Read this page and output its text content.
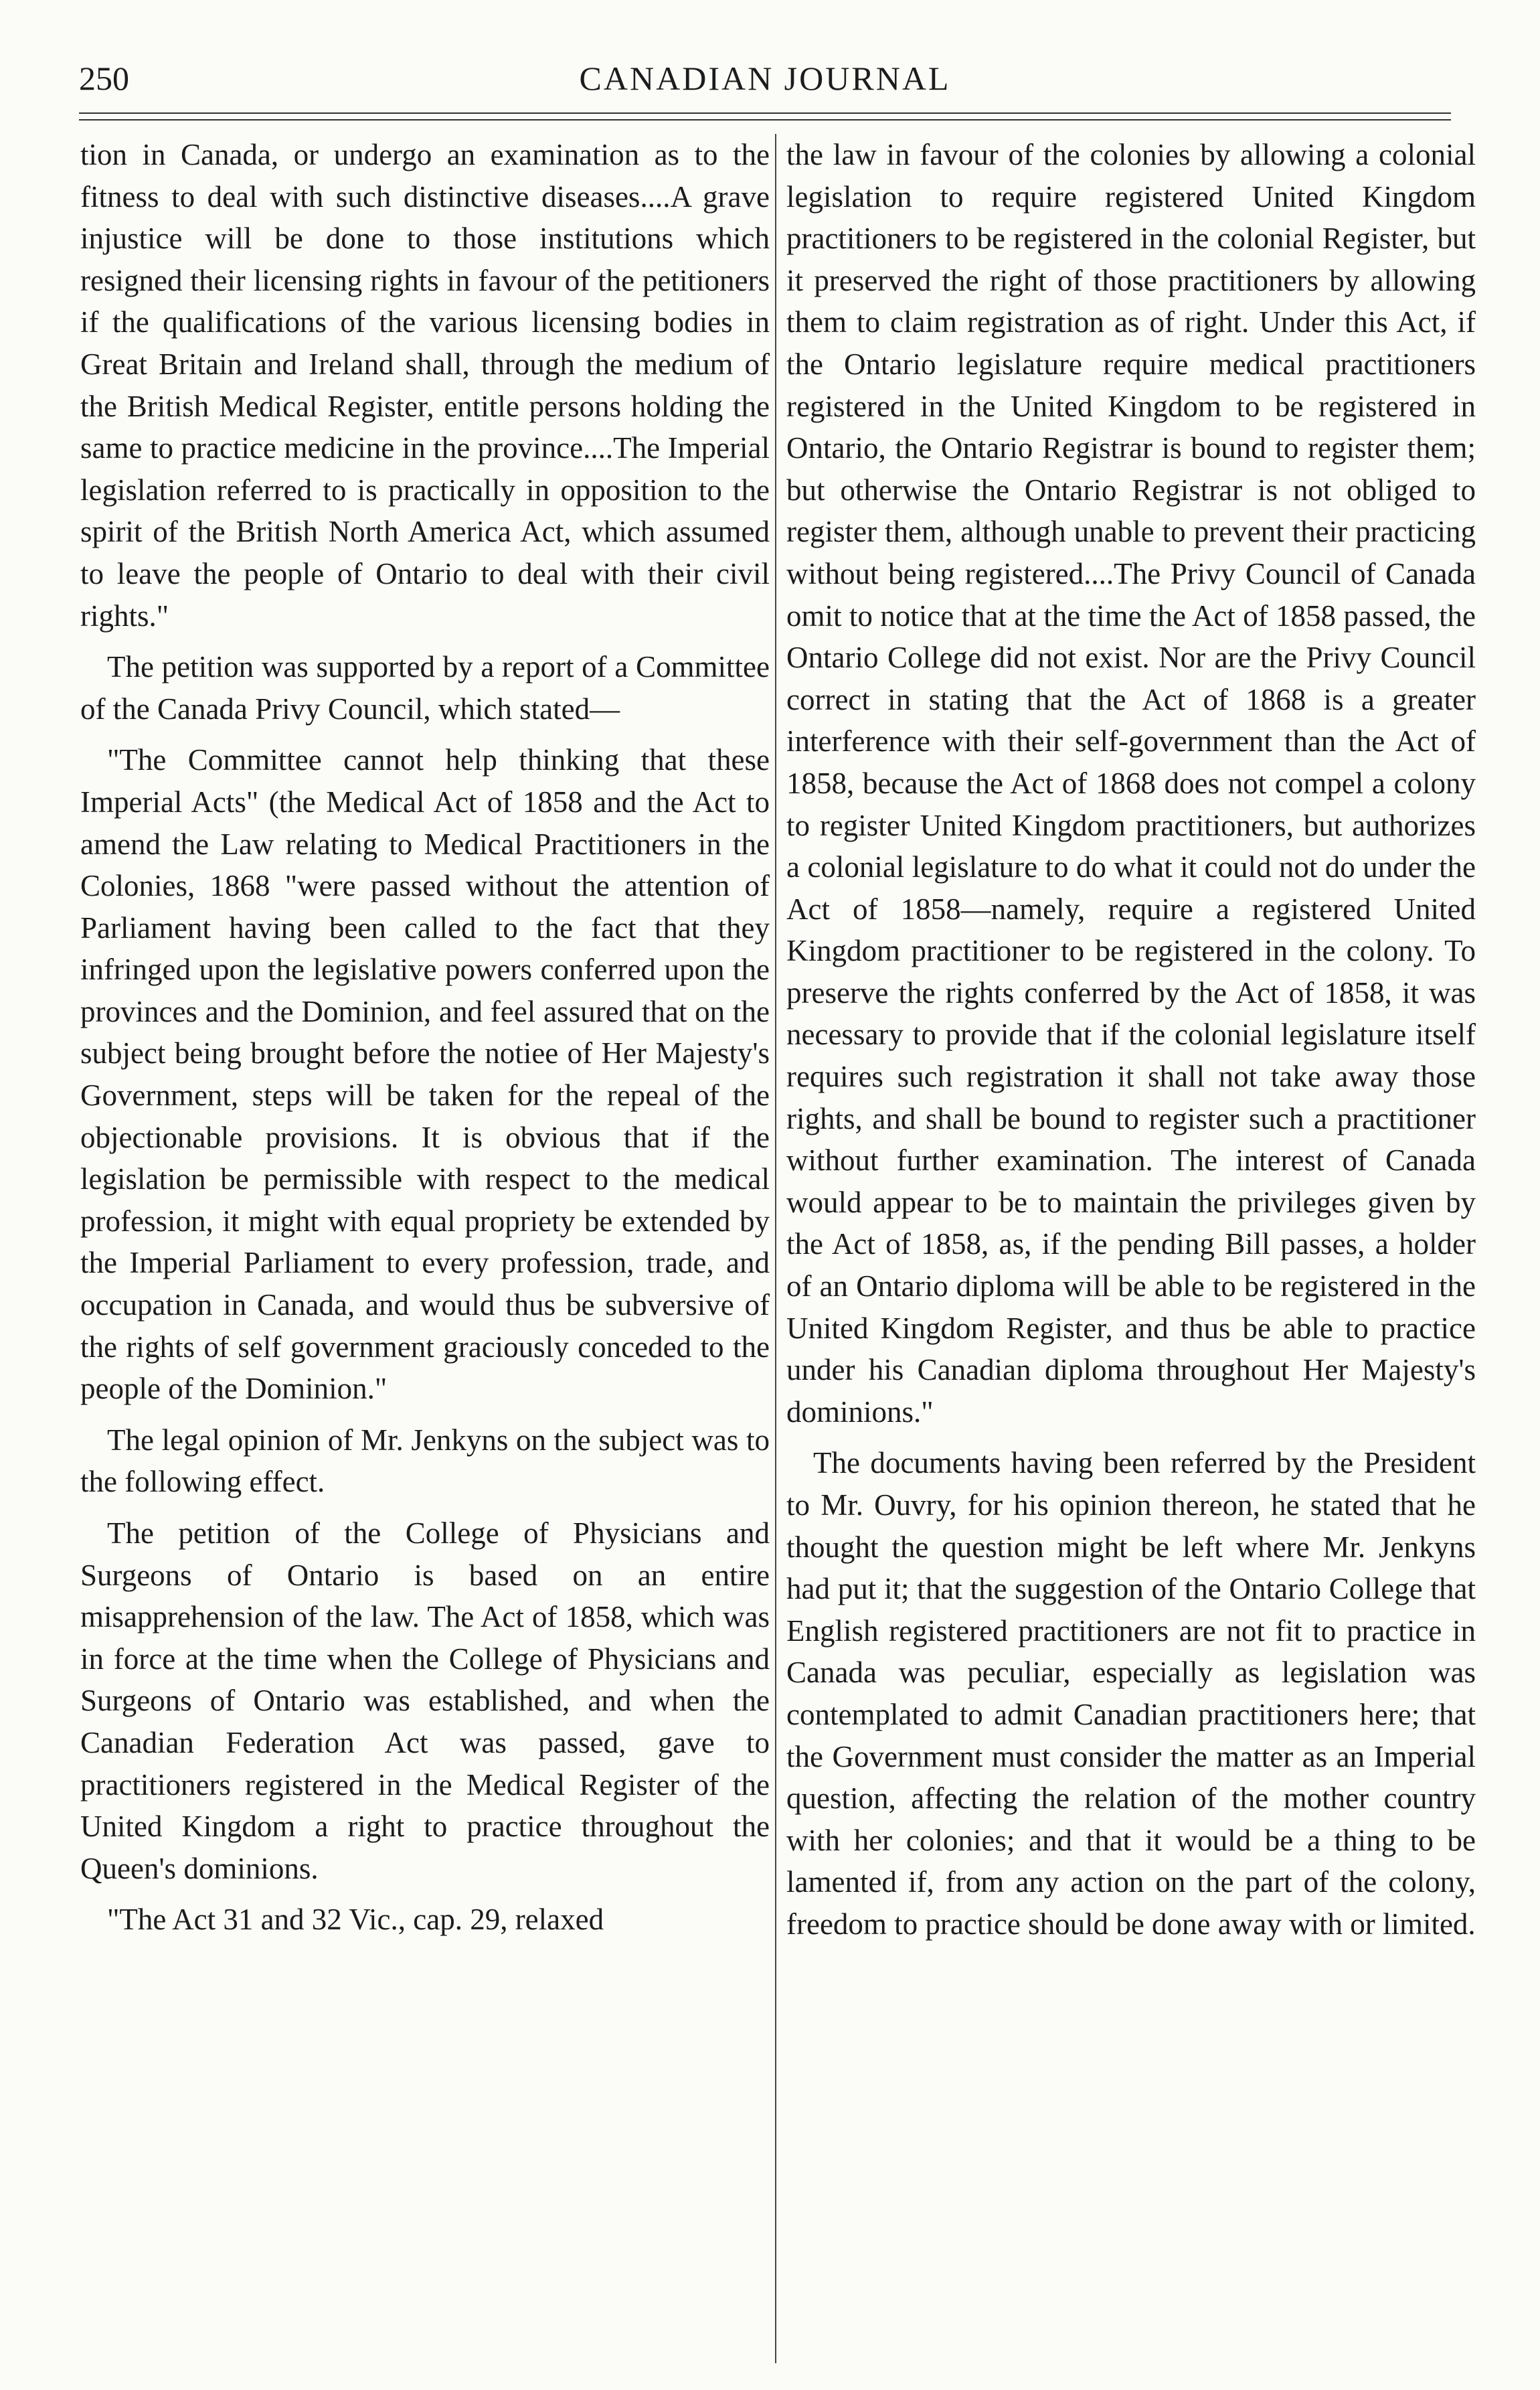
250	CANADIAN JOURNAL

tion in Canada, or undergo an examination as to the fitness to deal with such distinctive diseases....A grave injustice will be done to those institutions which resigned their licensing rights in favour of the petitioners if the qualifications of the various licensing bodies in Great Britain and Ireland shall, through the medium of the British Medical Register, entitle persons holding the same to practice medicine in the province....The Imperial legislation referred to is practically in opposition to the spirit of the British North America Act, which assumed to leave the people of Ontario to deal with their civil rights."

The petition was supported by a report of a Committee of the Canada Privy Council, which stated—

"The Committee cannot help thinking that these Imperial Acts" (the Medical Act of 1858 and the Act to amend the Law relating to Medical Practitioners in the Colonies, 1868 "were passed without the attention of Parliament having been called to the fact that they infringed upon the legislative powers conferred upon the provinces and the Dominion, and feel assured that on the subject being brought before the notiee of Her Majesty's Government, steps will be taken for the repeal of the objectionable provisions. It is obvious that if the legislation be permissible with respect to the medical profession, it might with equal propriety be extended by the Imperial Parliament to every profession, trade, and occupation in Canada, and would thus be subversive of the rights of self government graciously conceded to the people of the Dominion."

The legal opinion of Mr. Jenkyns on the subject was to the following effect.

The petition of the College of Physicians and Surgeons of Ontario is based on an entire misapprehension of the law. The Act of 1858, which was in force at the time when the College of Physicians and Surgeons of Ontario was established, and when the Canadian Federation Act was passed, gave to practitioners registered in the Medical Register of the United Kingdom a right to practice throughout the Queen's dominions.

"The Act 31 and 32 Vic., cap. 29, relaxed

the law in favour of the colonies by allowing a colonial legislation to require registered United Kingdom practitioners to be registered in the colonial Register, but it preserved the right of those practitioners by allowing them to claim registration as of right. Under this Act, if the Ontario legislature require medical practitioners registered in the United Kingdom to be registered in Ontario, the Ontario Registrar is bound to register them; but otherwise the Ontario Registrar is not obliged to register them, although unable to prevent their practicing without being registered....The Privy Council of Canada omit to notice that at the time the Act of 1858 passed, the Ontario College did not exist. Nor are the Privy Council correct in stating that the Act of 1868 is a greater interference with their self-government than the Act of 1858, because the Act of 1868 does not compel a colony to register United Kingdom practitioners, but authorizes a colonial legislature to do what it could not do under the Act of 1858—namely, require a registered United Kingdom practitioner to be registered in the colony. To preserve the rights conferred by the Act of 1858, it was necessary to provide that if the colonial legislature itself requires such registration it shall not take away those rights, and shall be bound to register such a practitioner without further examination. The interest of Canada would appear to be to maintain the privileges given by the Act of 1858, as, if the pending Bill passes, a holder of an Ontario diploma will be able to be registered in the United Kingdom Register, and thus be able to practice under his Canadian diploma throughout Her Majesty's dominions."

The documents having been referred by the President to Mr. Ouvry, for his opinion thereon, he stated that he thought the question might be left where Mr. Jenkyns had put it; that the suggestion of the Ontario College that English registered practitioners are not fit to practice in Canada was peculiar, especially as legislation was contemplated to admit Canadian practitioners here; that the Government must consider the matter as an Imperial question, affecting the relation of the mother country with her colonies; and that it would be a thing to be lamented if, from any action on the part of the colony, freedom to practice should be done away with or limited.
